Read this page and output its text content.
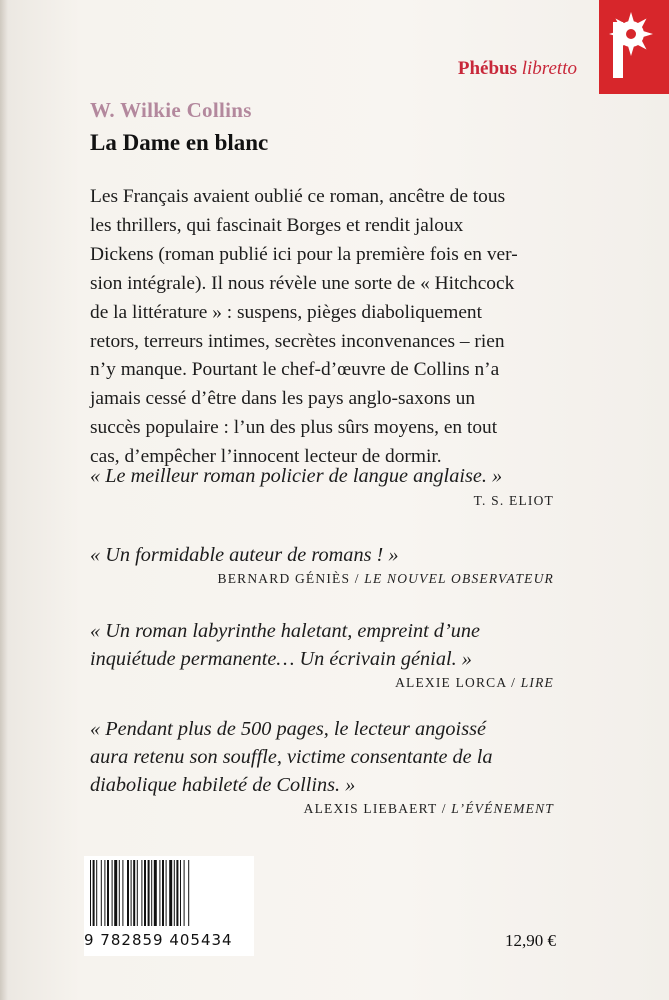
Phébus libretto
W. Wilkie Collins
La Dame en blanc
Les Français avaient oublié ce roman, ancêtre de tous
les thrillers, qui fascinait Borges et rendit jaloux
Dickens (roman publié ici pour la première fois en ver-
sion intégrale). Il nous révèle une sorte de « Hitchcock
de la littérature » : suspens, pièges diaboliquement
retors, terreurs intimes, secrètes inconvenances – rien
n’y manque. Pourtant le chef-d’œuvre de Collins n’a
jamais cessé d’être dans les pays anglo-saxons un
succès populaire : l’un des plus sûrs moyens, en tout
cas, d’empêcher l’innocent lecteur de dormir.
« Le meilleur roman policier de langue anglaise. »
T. S. ELIOT
« Un formidable auteur de romans ! »
BERNARD GÉNIÈS / LE NOUVEL OBSERVATEUR
« Un roman labyrinthe haletant, empreint d’une
inquiétude permanente… Un écrivain génial. »
ALEXIE LORCA / LIRE
« Pendant plus de 500 pages, le lecteur angoissé
aura retenu son souffle, victime consentante de la
diabolique habileté de Collins. »
ALEXIS LIEBAERT / L’ÉVÉNEMENT
9 782859 405434	12,90 €
